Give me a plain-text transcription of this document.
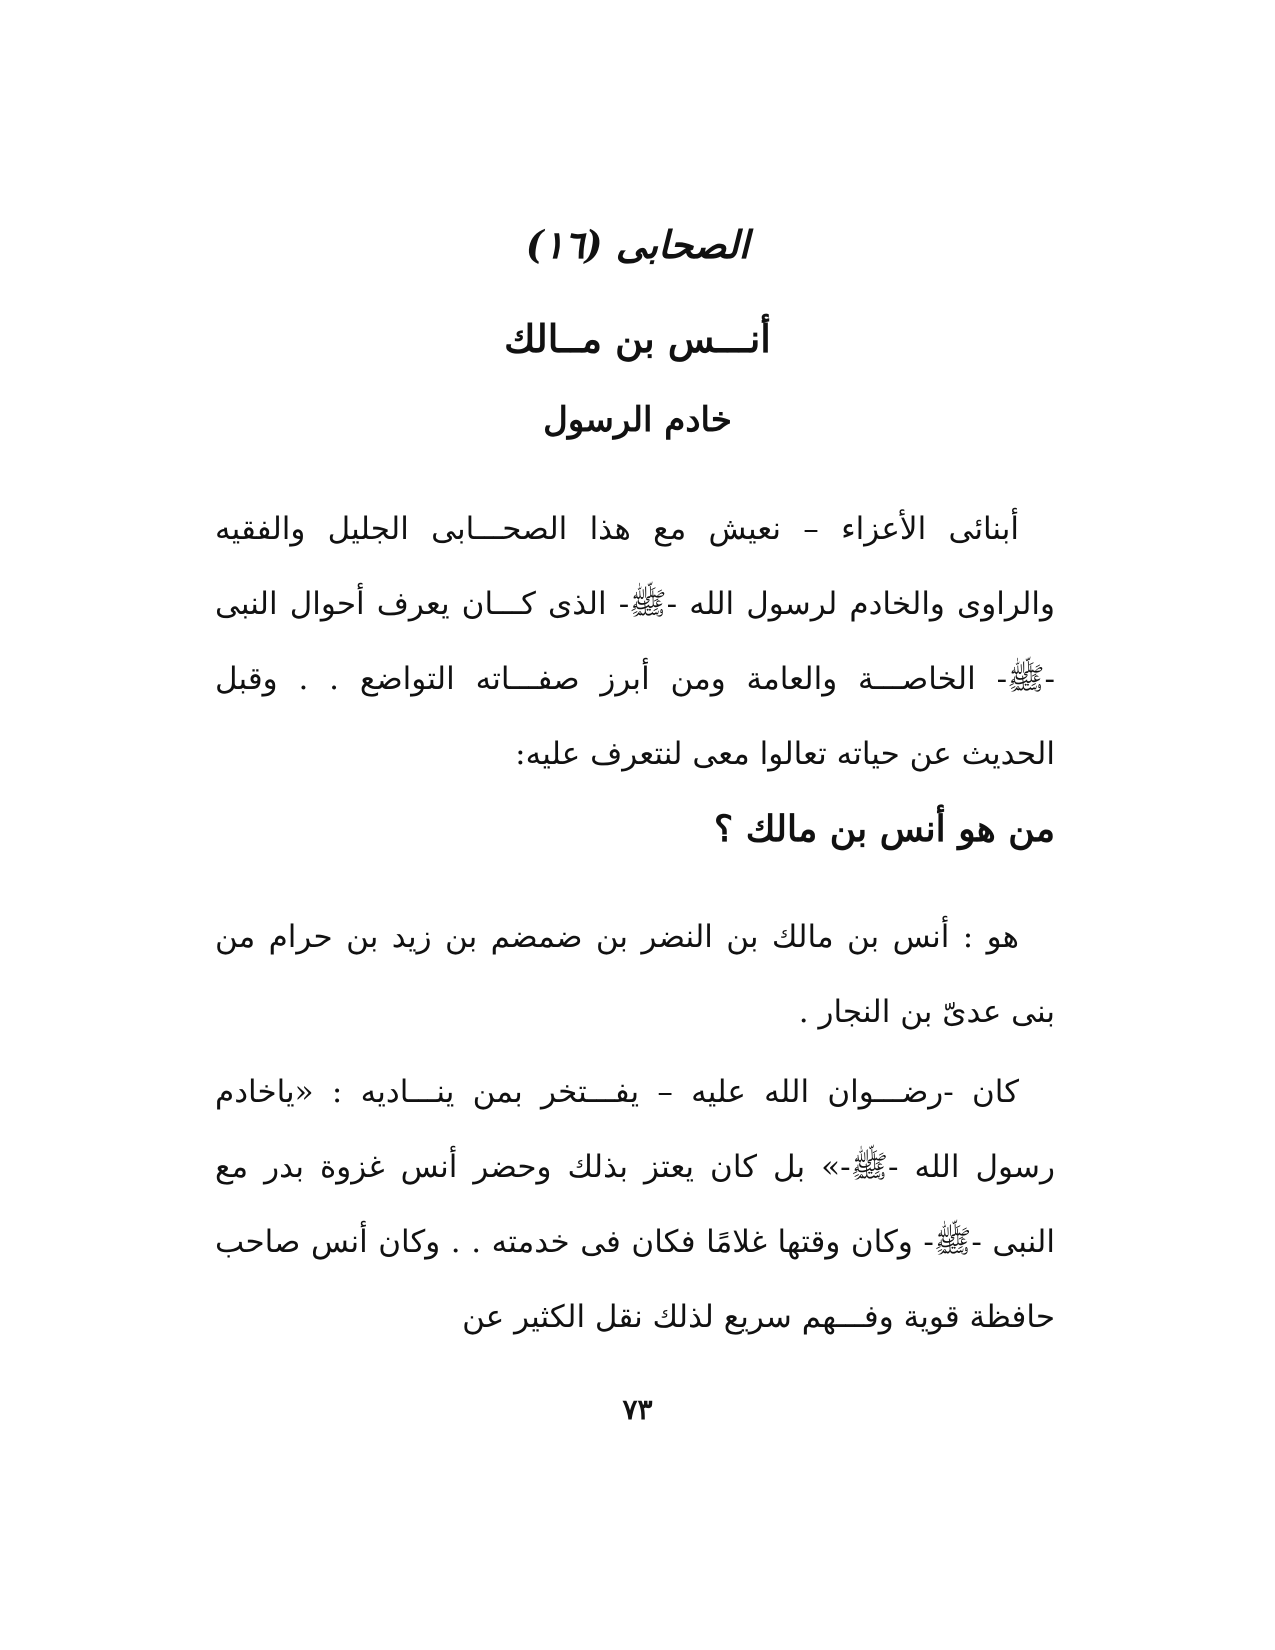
الصحابى (١٦)
أنـــس بن مــالك
خادم الرسول
أبنائى الأعزاء – نعيش مع هذا الصحـــابى الجليل والفقيه والراوى والخادم لرسول الله -ﷺ- الذى كـــان يعرف أحوال النبى -ﷺ- الخاصـــة والعامة ومن أبرز صفـــاته التواضع . . وقبل الحديث عن حياته تعالوا معى لنتعرف عليه:
من هو أنس بن مالك ؟
هو : أنس بن مالك بن النضر بن ضمضم بن زيد بن حرام من بنى عدىّ بن النجار .
كان -رضـــوان الله عليه – يفـــتخر بمن ينـــاديه : «ياخادم رسول الله -ﷺ-» بل كان يعتز بذلك وحضر أنس غزوة بدر مع النبى -ﷺ- وكان وقتها غلامًا فكان فى خدمته . . وكان أنس صاحب حافظة قوية وفـــهم سريع لذلك نقل الكثير عن
٧٣
